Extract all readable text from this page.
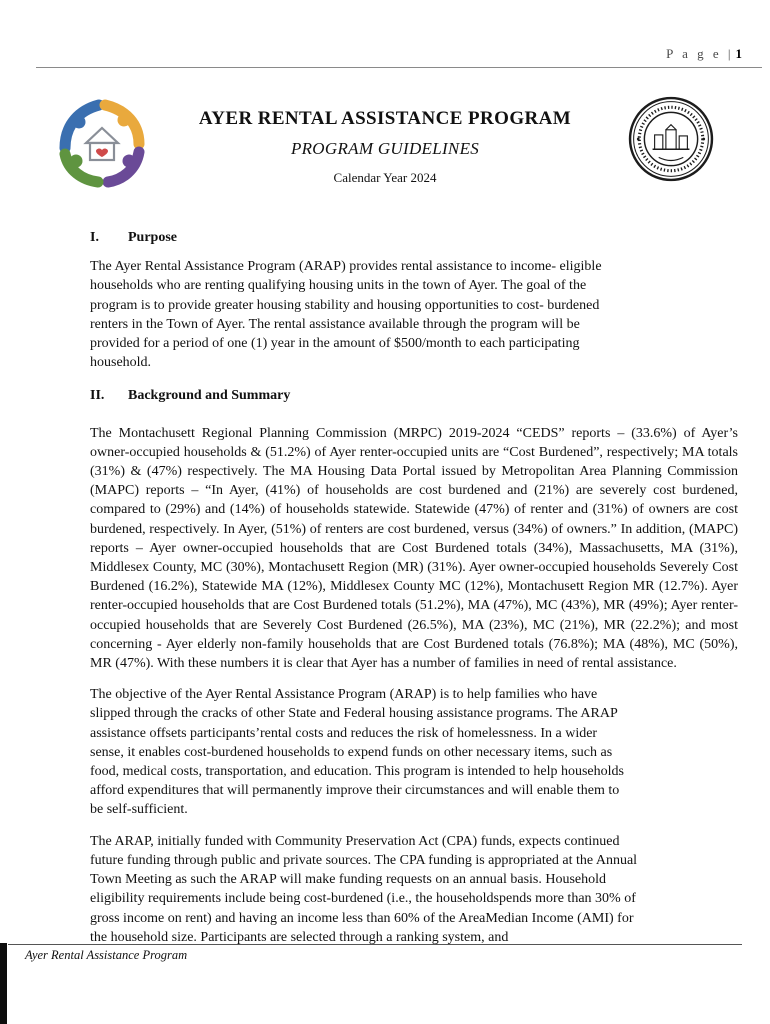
P a g e | 1
AYER RENTAL ASSISTANCE PROGRAM
PROGRAM GUIDELINES
Calendar Year 2024
I.	Purpose

The Ayer Rental Assistance Program (ARAP) provides rental assistance to income- eligible households who are renting qualifying housing units in the town of Ayer. The goal of the program is to provide greater housing stability and housing opportunities to cost- burdened renters in the Town of Ayer. The rental assistance available through the program will be provided for a period of one (1) year in the amount of $500/month to each participating household.

II.	Background and Summary

The Montachusett Regional Planning Commission (MRPC) 2019-2024 “CEDS” reports – (33.6%) of Ayer’s owner-occupied households & (51.2%) of Ayer renter-occupied units are “Cost Burdened”, respectively; MA totals (31%) & (47%) respectively. The MA Housing Data Portal issued by Metropolitan Area Planning Commission (MAPC) reports – “In Ayer, (41%) of households are cost burdened and (21%) are severely cost burdened, compared to (29%) and (14%) of households statewide. Statewide (47%) of renter and (31%) of owners are cost burdened, respectively. In Ayer, (51%) of renters are cost burdened, versus (34%) of owners.” In addition, (MAPC) reports – Ayer owner-occupied households that are Cost Burdened totals (34%), Massachusetts, MA (31%), Middlesex County, MC (30%), Montachusett Region (MR) (31%). Ayer owner-occupied households Severely Cost Burdened (16.2%), Statewide MA (12%), Middlesex County MC (12%), Montachusett Region MR (12.7%). Ayer renter-occupied households that are Cost Burdened totals (51.2%), MA (47%), MC (43%), MR (49%); Ayer renter-occupied households that are Severely Cost Burdened (26.5%), MA (23%), MC (21%), MR (22.2%); and most concerning - Ayer elderly non-family households that are Cost Burdened totals (76.8%); MA (48%), MC (50%), MR (47%). With these numbers it is clear that Ayer has a number of families in need of rental assistance.

The objective of the Ayer Rental Assistance Program (ARAP) is to help families who have slipped through the cracks of other State and Federal housing assistance programs. The ARAP assistance offsets participants’rental costs and reduces the risk of homelessness. In a wider sense, it enables cost-burdened households to expend funds on other necessary items, such as food, medical costs, transportation, and education. This program is intended to help households afford expenditures that will permanently improve their circumstances and will enable them to be self-sufficient.

The ARAP, initially funded with Community Preservation Act (CPA) funds, expects continued future funding through public and private sources. The CPA funding is appropriated at the Annual Town Meeting as such the ARAP will make funding requests on an annual basis. Household eligibility requirements include being cost-burdened (i.e., the householdspends more than 30% of gross income on rent) and having an income less than 60% of the AreaMedian Income (AMI) for the household size. Participants are selected through a ranking system, and

Ayer Rental Assistance Program
